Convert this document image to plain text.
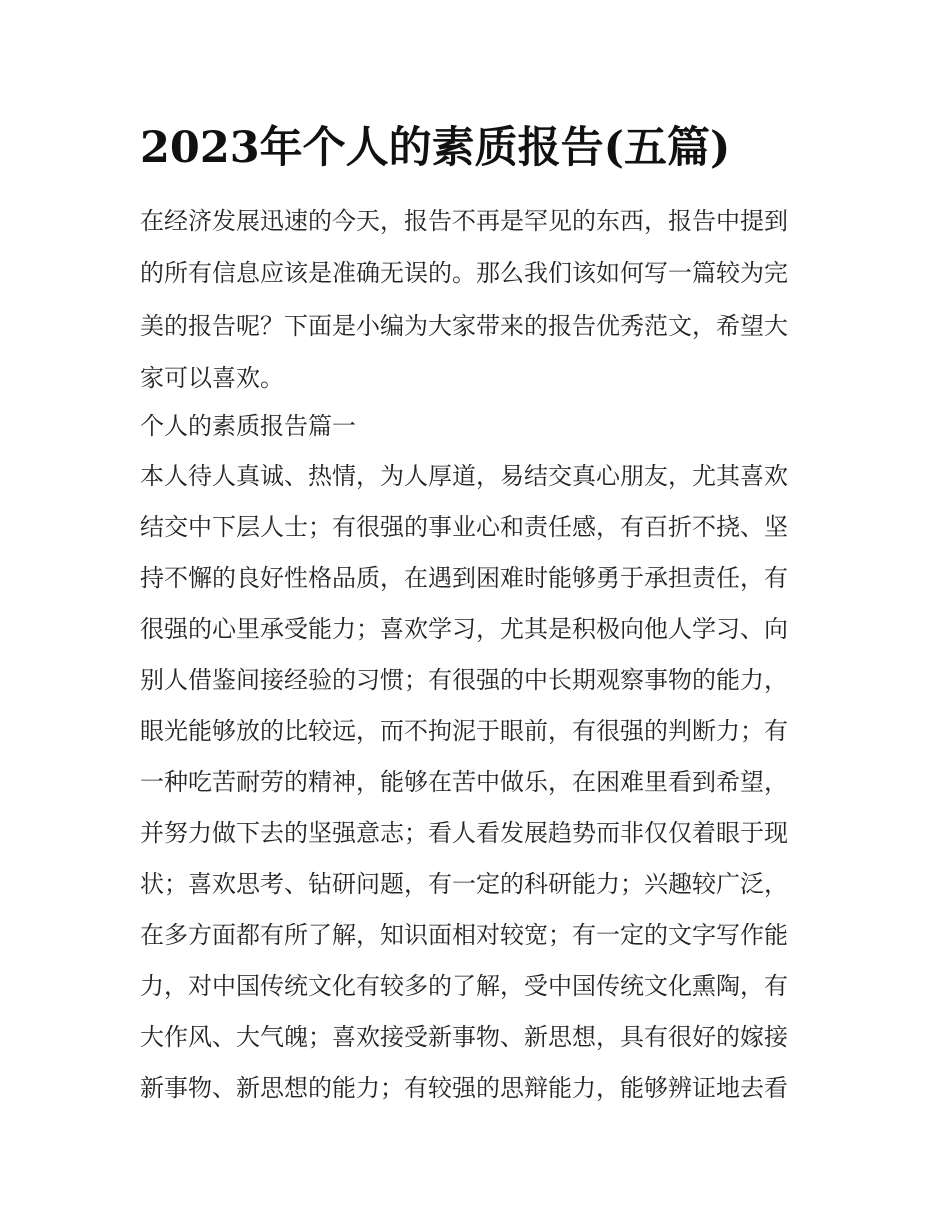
2023年个人的素质报告(五篇)

在经济发展迅速的今天，报告不再是罕见的东西，报告中提到

的所有信息应该是准确无误的。那么我们该如何写一篇较为完

美的报告呢？下面是小编为大家带来的报告优秀范文，希望大

家可以喜欢。

个人的素质报告篇一

本人待人真诚、热情，为人厚道，易结交真心朋友，尤其喜欢

结交中下层人士；有很强的事业心和责任感，有百折不挠、坚

持不懈的良好性格品质，在遇到困难时能够勇于承担责任，有

很强的心里承受能力；喜欢学习，尤其是积极向他人学习、向

别人借鉴间接经验的习惯；有很强的中长期观察事物的能力，

眼光能够放的比较远，而不拘泥于眼前，有很强的判断力；有

一种吃苦耐劳的精神，能够在苦中做乐，在困难里看到希望，

并努力做下去的坚强意志；看人看发展趋势而非仅仅着眼于现

状；喜欢思考、钻研问题，有一定的科研能力；兴趣较广泛，

在多方面都有所了解，知识面相对较宽；有一定的文字写作能

力，对中国传统文化有较多的了解，受中国传统文化熏陶，有

大作风、大气魄；喜欢接受新事物、新思想，具有很好的嫁接

新事物、新思想的能力；有较强的思辩能力，能够辨证地去看
